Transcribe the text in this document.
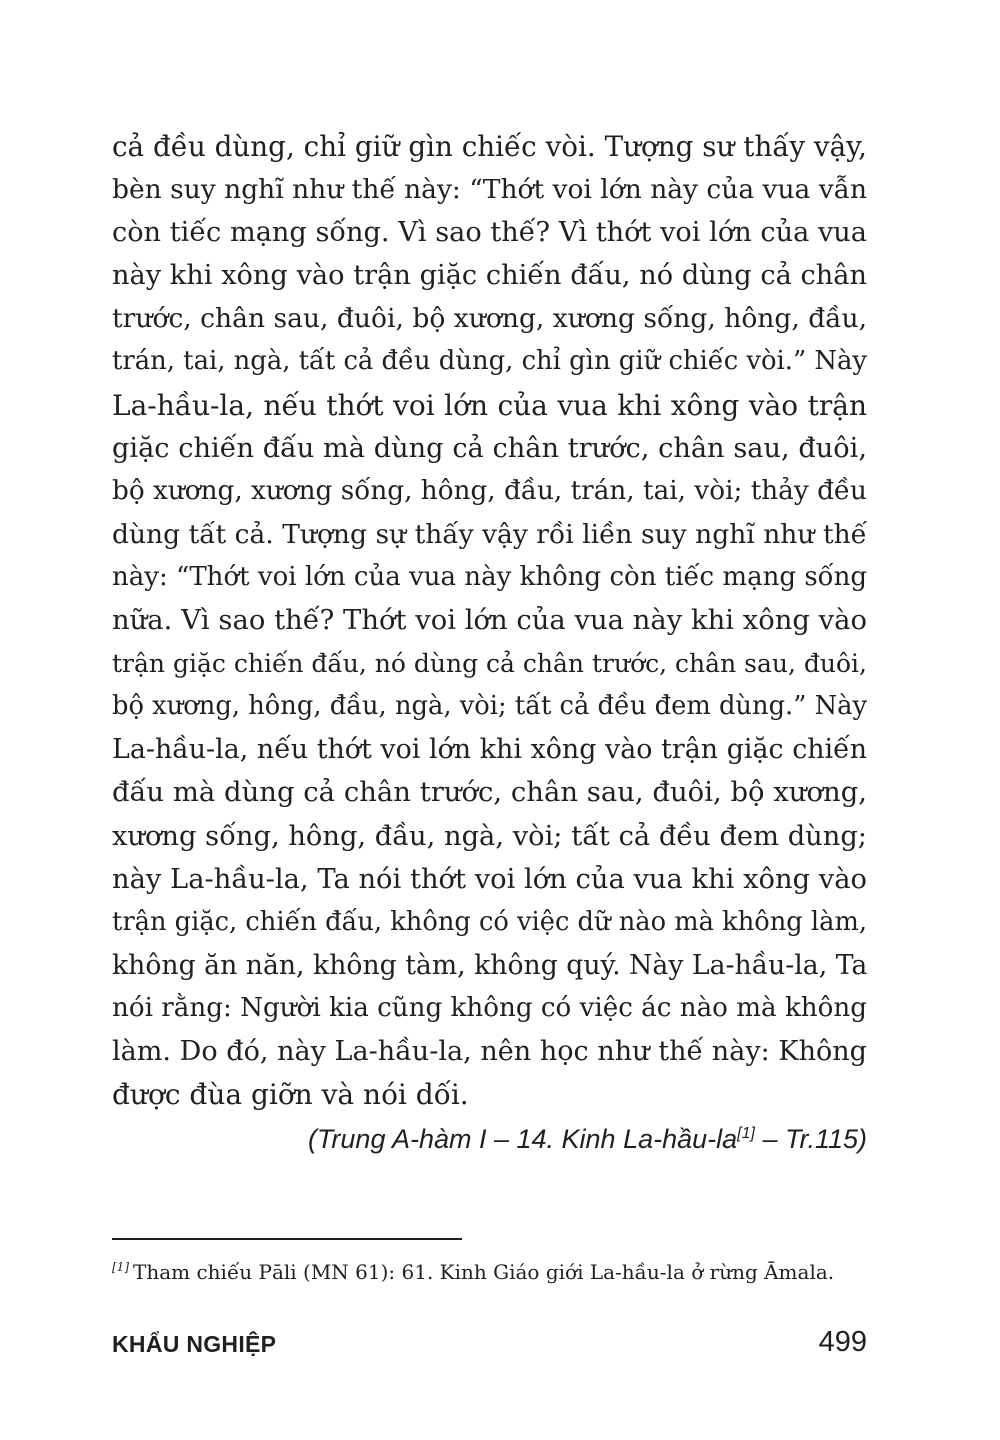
cả đều dùng, chỉ giữ gìn chiếc vòi. Tượng sư thấy vậy,
bèn suy nghĩ như thế này: “Thớt voi lớn này của vua vẫn
còn tiếc mạng sống. Vì sao thế? Vì thớt voi lớn của vua
này khi xông vào trận giặc chiến đấu, nó dùng cả chân
trước, chân sau, đuôi, bộ xương, xương sống, hông, đầu,
trán, tai, ngà, tất cả đều dùng, chỉ gìn giữ chiếc vòi.” Này
La-hầu-la, nếu thớt voi lớn của vua khi xông vào trận
giặc chiến đấu mà dùng cả chân trước, chân sau, đuôi,
bộ xương, xương sống, hông, đầu, trán, tai, vòi; thảy đều
dùng tất cả. Tượng sự thấy vậy rồi liền suy nghĩ như thế
này: “Thớt voi lớn của vua này không còn tiếc mạng sống
nữa. Vì sao thế? Thớt voi lớn của vua này khi xông vào
trận giặc chiến đấu, nó dùng cả chân trước, chân sau, đuôi,
bộ xương, hông, đầu, ngà, vòi; tất cả đều đem dùng.” Này
La-hầu-la, nếu thớt voi lớn khi xông vào trận giặc chiến
đấu mà dùng cả chân trước, chân sau, đuôi, bộ xương,
xương sống, hông, đầu, ngà, vòi; tất cả đều đem dùng;
này La-hầu-la, Ta nói thớt voi lớn của vua khi xông vào
trận giặc, chiến đấu, không có việc dữ nào mà không làm,
không ăn năn, không tàm, không quý. Này La-hầu-la, Ta
nói rằng: Người kia cũng không có việc ác nào mà không
làm. Do đó, này La-hầu-la, nên học như thế này: Không
được đùa giỡn và nói dối.
(Trung A-hàm I – 14. Kinh La-hầu-la[1] – Tr.115)
[1] Tham chiếu Pāli (MN 61): 61. Kinh Giáo giới La-hầu-la ở rừng Āmala.
KHẨU NGHIỆP	499
